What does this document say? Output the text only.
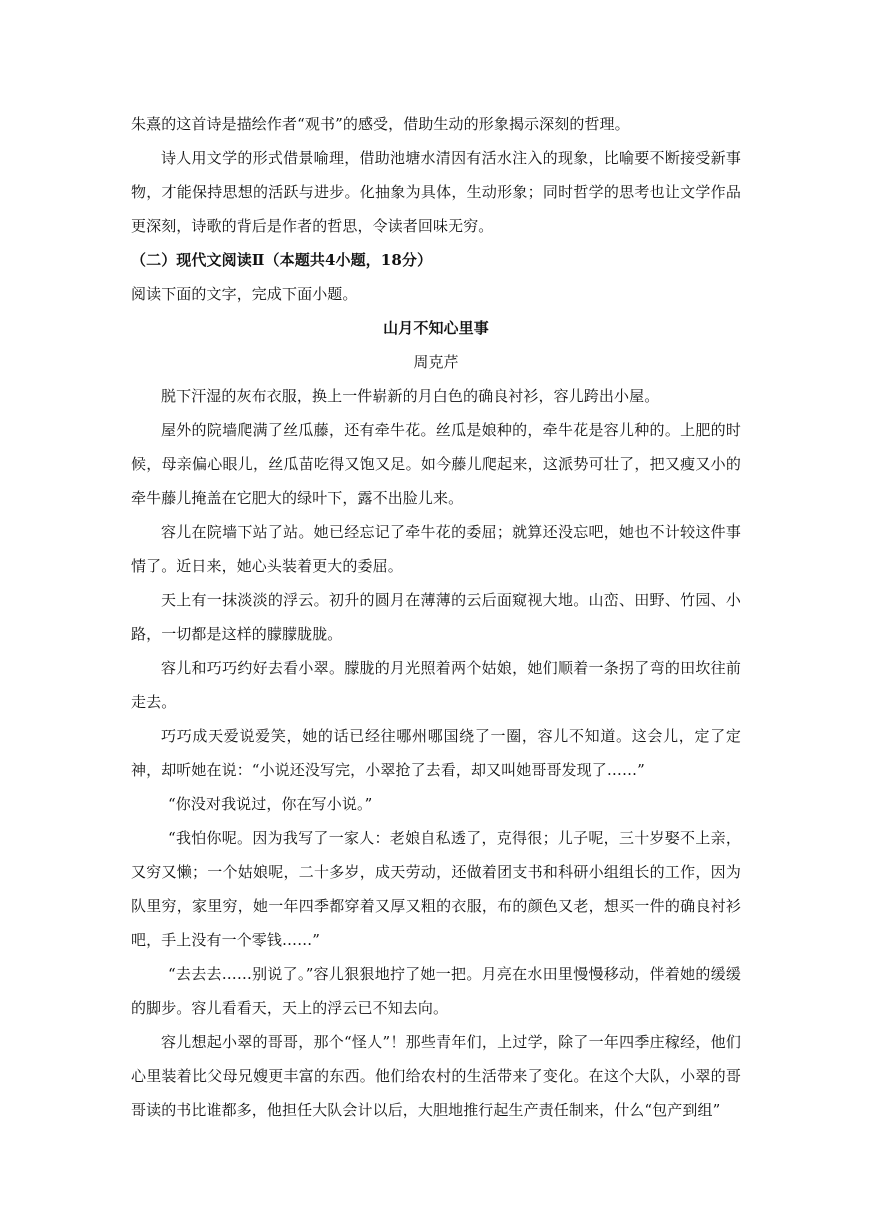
朱熹的这首诗是描绘作者“观书”的感受，借助生动的形象揭示深刻的哲理。

诗人用文学的形式借景喻理，借助池塘水清因有活水注入的现象，比喻要不断接受新事物，才能保持思想的活跃与进步。化抽象为具体，生动形象；同时哲学的思考也让文学作品更深刻，诗歌的背后是作者的哲思，令读者回味无穷。

（二）现代文阅读Ⅱ（本题共4小题，18分）

阅读下面的文字，完成下面小题。

山月不知心里事

周克芹

脱下汗湿的灰布衣服，换上一件崭新的月白色的确良衬衫，容儿跨出小屋。

屋外的院墙爬满了丝瓜藤，还有牵牛花。丝瓜是娘种的，牵牛花是容儿种的。上肥的时候，母亲偏心眼儿，丝瓜苗吃得又饱又足。如今藤儿爬起来，这派势可壮了，把又瘦又小的牵牛藤儿掩盖在它肥大的绿叶下，露不出脸儿来。

容儿在院墙下站了站。她已经忘记了牵牛花的委屈；就算还没忘吧，她也不计较这件事情了。近日来，她心头装着更大的委屈。

天上有一抹淡淡的浮云。初升的圆月在薄薄的云后面窥视大地。山峦、田野、竹园、小路，一切都是这样的朦朦胧胧。

容儿和巧巧约好去看小翠。朦胧的月光照着两个姑娘，她们顺着一条拐了弯的田坎往前走去。

巧巧成天爱说爱笑，她的话已经往哪州哪国绕了一圈，容儿不知道。这会儿，定了定神，却听她在说：“小说还没写完，小翠抢了去看，却又叫她哥哥发现了……”

“你没对我说过，你在写小说。”

“我怕你呢。因为我写了一家人：老娘自私透了，克得很；儿子呢，三十岁娶不上亲，又穷又懒；一个姑娘呢，二十多岁，成天劳动，还做着团支书和科研小组组长的工作，因为队里穷，家里穷，她一年四季都穿着又厚又粗的衣服，布的颜色又老，想买一件的确良衬衫吧，手上没有一个零钱……”

“去去去……别说了。”容儿狠狠地拧了她一把。月亮在水田里慢慢移动，伴着她的缓缓的脚步。容儿看看天，天上的浮云已不知去向。

容儿想起小翠的哥哥，那个“怪人”！那些青年们，上过学，除了一年四季庄稼经，他们心里装着比父母兄嫂更丰富的东西。他们给农村的生活带来了变化。在这个大队，小翠的哥哥读的书比谁都多，他担任大队会计以后，大胆地推行起生产责任制来，什么“包产到组”
